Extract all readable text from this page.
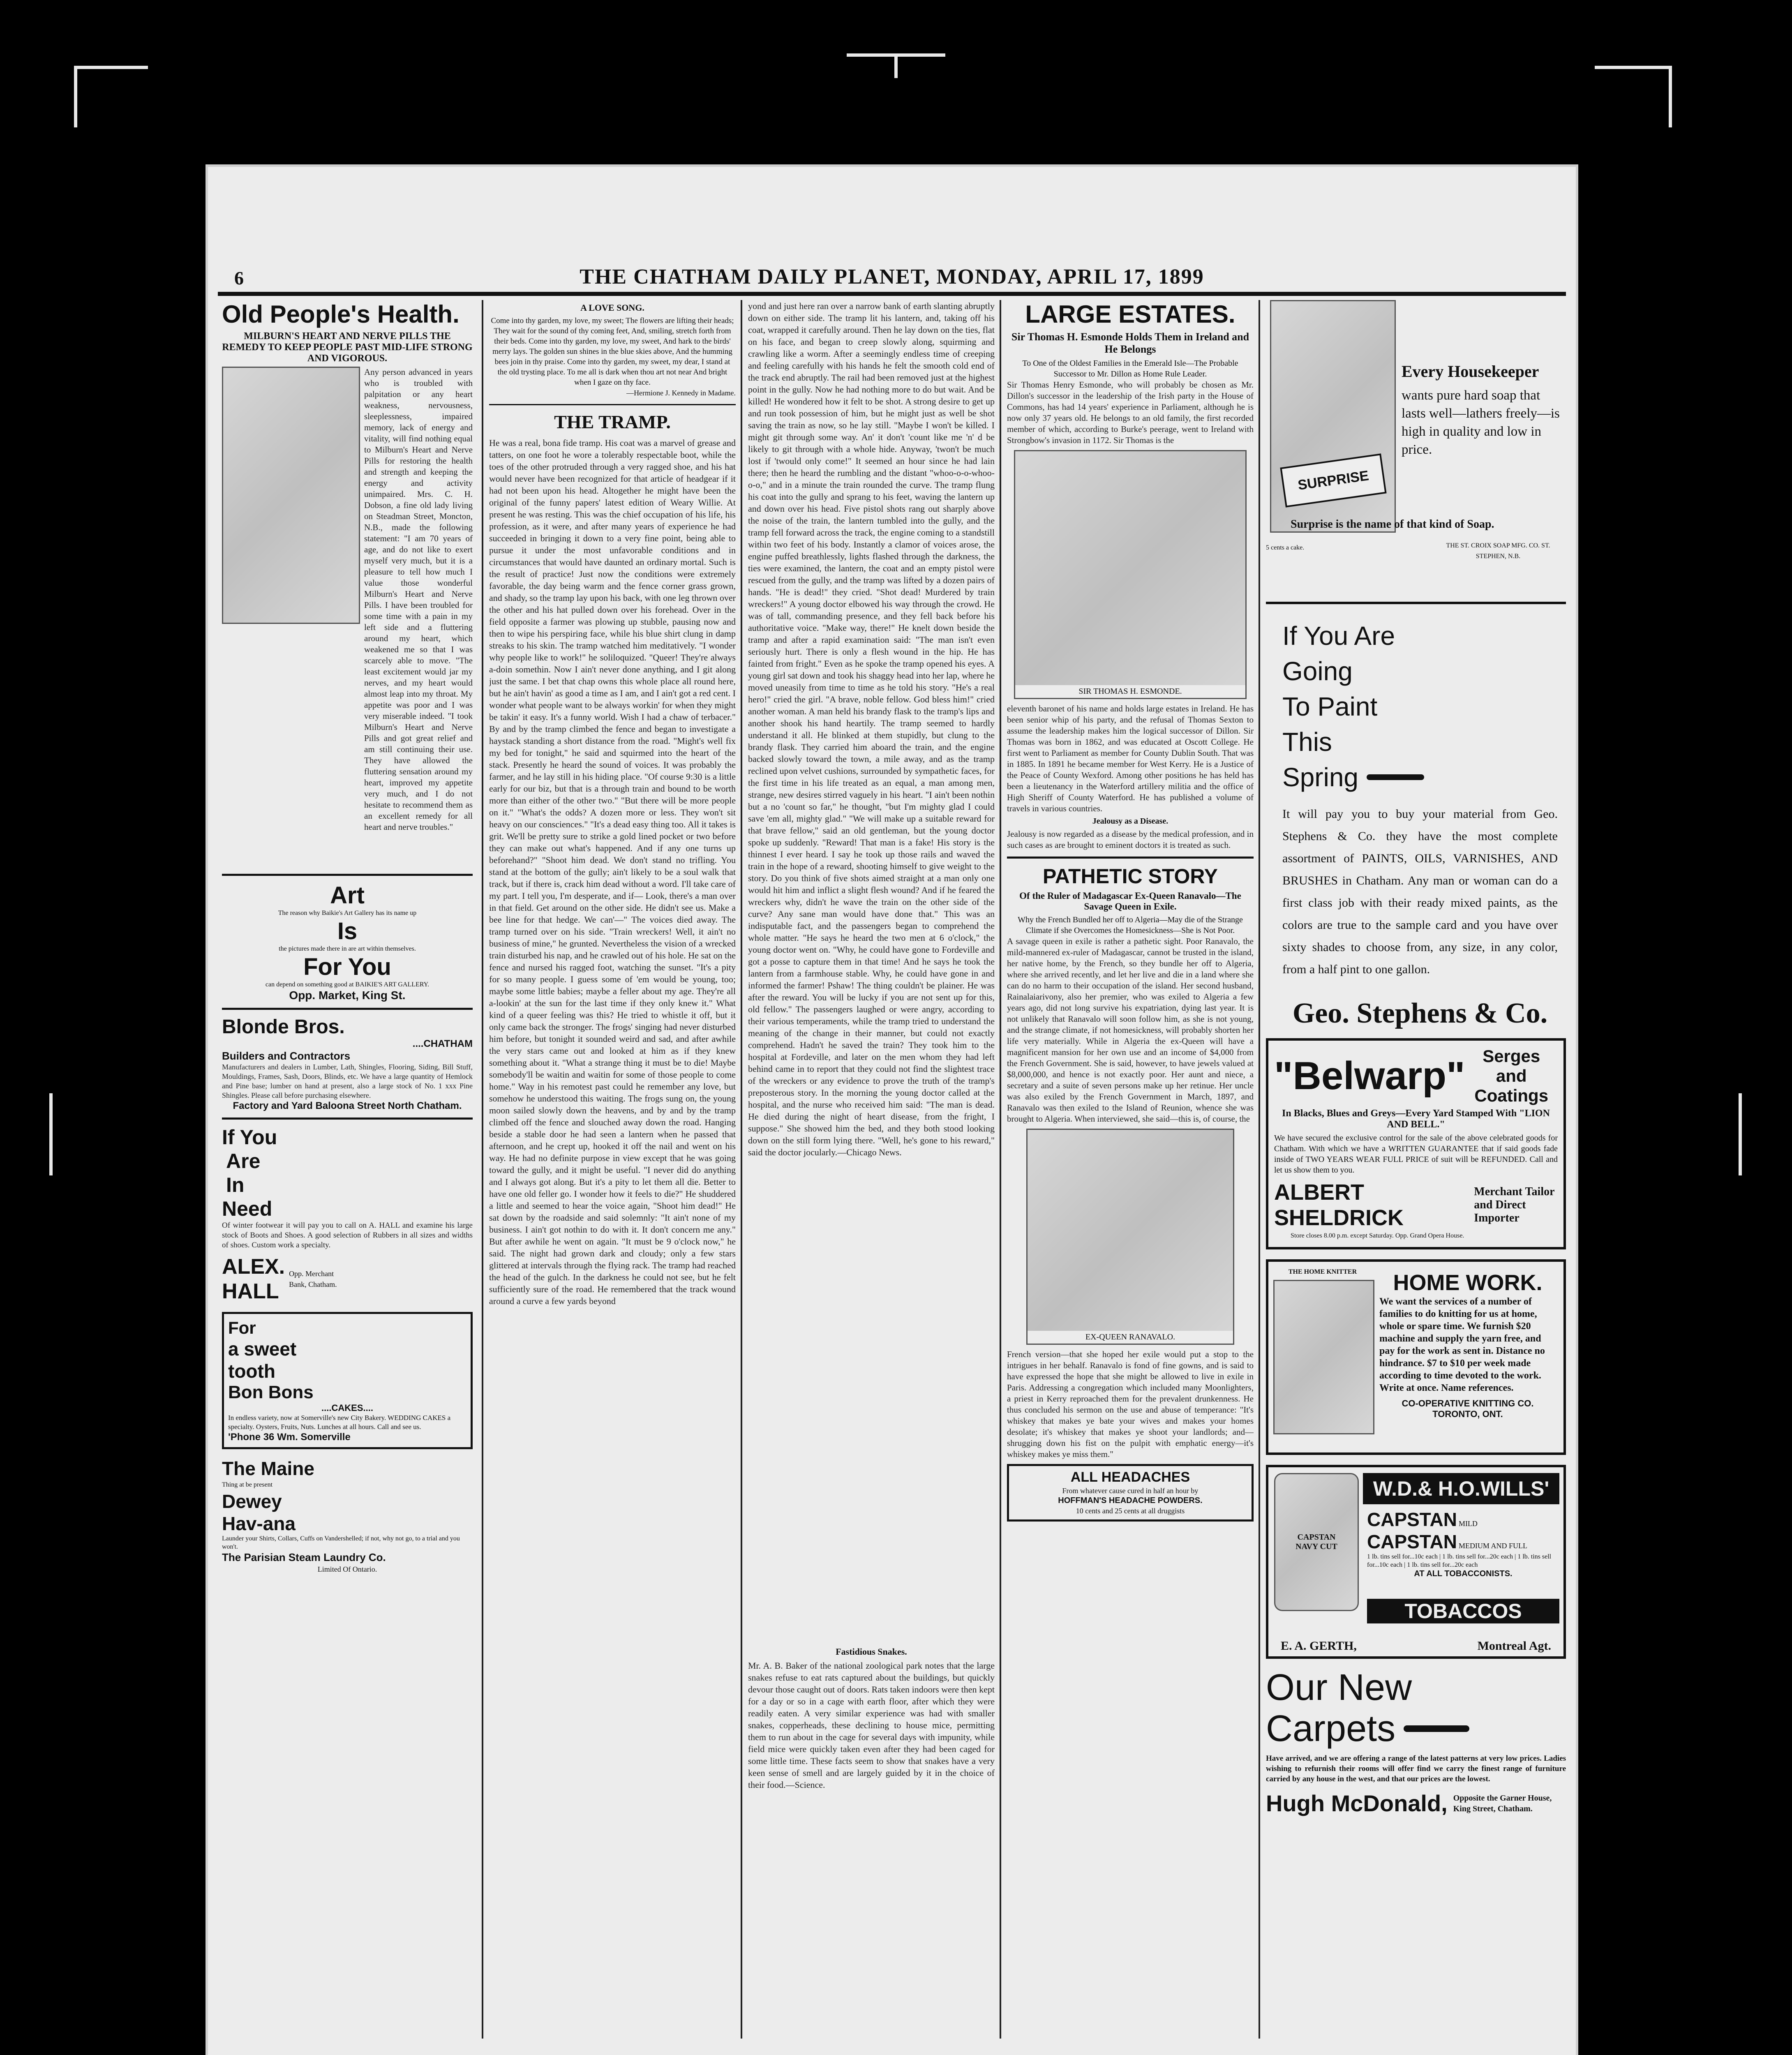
6	THE CHATHAM DAILY PLANET, MONDAY, APRIL 17, 1899
Old People's Health.
MILBURN'S HEART AND NERVE PILLS THE REMEDY TO KEEP PEOPLE PAST MID-LIFE STRONG AND VIGOROUS.
Any person advanced in years who is troubled with palpitation or any heart weakness, nervousness, sleeplessness, impaired memory, lack of energy and vitality, will find nothing equal to Milburn's Heart and Nerve Pills for restoring the health and strength and keeping the energy and activity unimpaired. Mrs. C. H. Dobson, a fine old lady living on Steadman Street, Moncton, N.B., made the following statement: "I am 70 years of age, and do not like to exert myself very much, but it is a pleasure to tell how much I value those wonderful Milburn's Heart and Nerve Pills. I have been troubled for some time with a pain in my left side and a fluttering around my heart, which weakened me so that I was scarcely able to move. "The least excitement would jar my nerves, and my heart would almost leap into my throat. My appetite was poor and I was very miserable indeed. "I took Milburn's Heart and Nerve Pills and got great relief and am still continuing their use. They have allowed the fluttering sensation around my heart, improved my appetite very much, and I do not hesitate to recommend them as an excellent remedy for all heart and nerve troubles."
Art
The reason why Baikie's Art Gallery has its name up
Is
the pictures made there in are art within themselves.
For You
can depend on something good at BAIKIE'S ART GALLERY.
Opp. Market, King St.
Blonde Bros.
....CHATHAM
Builders and Contractors
Manufacturers and dealers in Lumber, Lath, Shingles, Flooring, Siding, Bill Stuff, Mouldings, Frames, Sash, Doors, Blinds, etc. We have a large quantity of Hemlock and Pine base; lumber on hand at present, also a large stock of No. 1 xxx Pine Shingles. Please call before purchasing elsewhere.
Factory and Yard Baloona Street North Chatham.
If You
Are
In
Need
Of winter footwear it will pay you to call on A. HALL and examine his large stock of Boots and Shoes. A good selection of Rubbers in all sizes and widths of shoes. Custom work a specialty.
ALEX.
HALL
Opp. Merchant Bank, Chatham.
For
a sweet
tooth
Bon Bons
....CAKES....
In endless variety, now at Somerville's new City Bakery. WEDDING CAKES a specialty. Oysters, Fruits, Nuts. Lunches at all hours. Call and see us.
'Phone 36 Wm. Somerville
The Maine
Thing at be present
Dewey
Hav-ana
Launder your Shirts, Collars, Cuffs on Vandershelled; if not, why not go, to a trial and you won't.
The Parisian Steam Laundry Co.
Limited Of Ontario.
A LOVE SONG.
Come into thy garden, my love, my sweet; The flowers are lifting their heads; They wait for the sound of thy coming feet, And, smiling, stretch forth from their beds. Come into thy garden, my love, my sweet, And hark to the birds' merry lays. The golden sun shines in the blue skies above, And the humming bees join in thy praise. Come into thy garden, my sweet, my dear, I stand at the old trysting place. To me all is dark when thou art not near And bright when I gaze on thy face.
—Hermione J. Kennedy in Madame.
THE TRAMP.
He was a real, bona fide tramp. His coat was a marvel of grease and tatters, on one foot he wore a tolerably respectable boot, while the toes of the other protruded through a very ragged shoe, and his hat would never have been recognized for that article of headgear if it had not been upon his head. Altogether he might have been the original of the funny papers' latest edition of Weary Willie. At present he was resting. This was the chief occupation of his life, his profession, as it were, and after many years of experience he had succeeded in bringing it down to a very fine point, being able to pursue it under the most unfavorable conditions and in circumstances that would have daunted an ordinary mortal. Such is the result of practice! Just now the conditions were extremely favorable, the day being warm and the fence corner grass grown, and shady, so the tramp lay upon his back, with one leg thrown over the other and his hat pulled down over his forehead. Over in the field opposite a farmer was plowing up stubble, pausing now and then to wipe his perspiring face, while his blue shirt clung in damp streaks to his skin. The tramp watched him meditatively. "I wonder why people like to work!" he soliloquized. "Queer! They're always a-doin somethin. Now I ain't never done anything, and I git along just the same. I bet that chap owns this whole place all round here, but he ain't havin' as good a time as I am, and I ain't got a red cent. I wonder what people want to be always workin' for when they might be takin' it easy. It's a funny world. Wish I had a chaw of terbacer." By and by the tramp climbed the fence and began to investigate a haystack standing a short distance from the road. "Might's well fix my bed for tonight," he said and squirmed into the heart of the stack. Presently he heard the sound of voices. It was probably the farmer, and he lay still in his hiding place. "Of course 9:30 is a little early for our biz, but that is a through train and bound to be worth more than either of the other two." "But there will be more people on it." "What's the odds? A dozen more or less. They won't sit heavy on our consciences." "It's a dead easy thing too. All it takes is grit. We'll be pretty sure to strike a gold lined pocket or two before they can make out what's happened. And if any one turns up beforehand?" "Shoot him dead. We don't stand no trifling. You stand at the bottom of the gully; ain't likely to be a soul walk that track, but if there is, crack him dead without a word. I'll take care of my part. I tell you, I'm desperate, and if— Look, there's a man over in that field. Get around on the other side. He didn't see us. Make a bee line for that hedge. We can'—" The voices died away. The tramp turned over on his side. "Train wreckers! Well, it ain't no business of mine," he grunted. Nevertheless the vision of a wrecked train disturbed his nap, and he crawled out of his hole. He sat on the fence and nursed his ragged foot, watching the sunset. "It's a pity for so many people. I guess some of 'em would be young, too; maybe some little babies; maybe a feller about my age. They're all a-lookin' at the sun for the last time if they only knew it." What kind of a queer feeling was this? He tried to whistle it off, but it only came back the stronger. The frogs' singing had never disturbed him before, but tonight it sounded weird and sad, and after awhile the very stars came out and looked at him as if they knew something about it. "What a strange thing it must be to die! Maybe somebody'll be waitin and waitin for some of those people to come home." Way in his remotest past could he remember any love, but somehow he understood this waiting. The frogs sung on, the young moon sailed slowly down the heavens, and by and by the tramp climbed off the fence and slouched away down the road. Hanging beside a stable door he had seen a lantern when he passed that afternoon, and he crept up, hooked it off the nail and went on his way. He had no definite purpose in view except that he was going toward the gully, and it might be useful. "I never did do anything and I always got along. But it's a pity to let them all die. Better to have one old feller go. I wonder how it feels to die?" He shuddered a little and seemed to hear the voice again, "Shoot him dead!" He sat down by the roadside and said solemnly: "It ain't none of my business. I ain't got nothin to do with it. It don't concern me any." But after awhile he went on again. "It must be 9 o'clock now," he said. The night had grown dark and cloudy; only a few stars glittered at intervals through the flying rack. The tramp had reached the head of the gulch. In the darkness he could not see, but he felt sufficiently sure of the road. He remembered that the track wound around a curve a few yards beyond
yond and just here ran over a narrow bank of earth slanting abruptly down on either side. The tramp lit his lantern, and, taking off his coat, wrapped it carefully around. Then he lay down on the ties, flat on his face, and began to creep slowly along, squirming and crawling like a worm. After a seemingly endless time of creeping and feeling carefully with his hands he felt the smooth cold end of the track end abruptly. The rail had been removed just at the highest point in the gully. Now he had nothing more to do but wait. And be killed! He wondered how it felt to be shot. A strong desire to get up and run took possession of him, but he might just as well be shot saving the train as now, so he lay still. "Maybe I won't be killed. I might git through some way. An' it don't 'count like me 'n' d be likely to git through with a whole hide. Anyway, 'twon't be much lost if 'twould only come!" It seemed an hour since he had lain there; then he heard the rumbling and the distant "whoo-o-o-whoo-o-o," and in a minute the train rounded the curve. The tramp flung his coat into the gully and sprang to his feet, waving the lantern up and down over his head. Five pistol shots rang out sharply above the noise of the train, the lantern tumbled into the gully, and the tramp fell forward across the track, the engine coming to a standstill within two feet of his body. Instantly a clamor of voices arose, the engine puffed breathlessly, lights flashed through the darkness, the ties were examined, the lantern, the coat and an empty pistol were rescued from the gully, and the tramp was lifted by a dozen pairs of hands. "He is dead!" they cried. "Shot dead! Murdered by train wreckers!" A young doctor elbowed his way through the crowd. He was of tall, commanding presence, and they fell back before his authoritative voice. "Make way, there!" He knelt down beside the tramp and after a rapid examination said: "The man isn't even seriously hurt. There is only a flesh wound in the hip. He has fainted from fright." Even as he spoke the tramp opened his eyes. A young girl sat down and took his shaggy head into her lap, where he moved uneasily from time to time as he told his story. "He's a real hero!" cried the girl. "A brave, noble fellow. God bless him!" cried another woman. A man held his brandy flask to the tramp's lips and another shook his hand heartily. The tramp seemed to hardly understand it all. He blinked at them stupidly, but clung to the brandy flask. They carried him aboard the train, and the engine backed slowly toward the town, a mile away, and as the tramp reclined upon velvet cushions, surrounded by sympathetic faces, for the first time in his life treated as an equal, a man among men, strange, new desires stirred vaguely in his heart. "I ain't been nothin but a no 'count so far," he thought, "but I'm mighty glad I could save 'em all, mighty glad." "We will make up a suitable reward for that brave fellow," said an old gentleman, but the young doctor spoke up suddenly. "Reward! That man is a fake! His story is the thinnest I ever heard. I say he took up those rails and waved the train in the hope of a reward, shooting himself to give weight to the story. Do you think of five shots aimed straight at a man only one would hit him and inflict a slight flesh wound? And if he feared the wreckers why, didn't he wave the train on the other side of the curve? Any sane man would have done that." This was an indisputable fact, and the passengers began to comprehend the whole matter. "He says he heard the two men at 6 o'clock," the young doctor went on. "Why, he could have gone to Fordeville and got a posse to capture them in that time! And he says he took the lantern from a farmhouse stable. Why, he could have gone in and informed the farmer! Pshaw! The thing couldn't be plainer. He was after the reward. You will be lucky if you are not sent up for this, old fellow." The passengers laughed or were angry, according to their various temperaments, while the tramp tried to understand the meaning of the change in their manner, but could not exactly comprehend. Hadn't he saved the train? They took him to the hospital at Fordeville, and later on the men whom they had left behind came in to report that they could not find the slightest trace of the wreckers or any evidence to prove the truth of the tramp's preposterous story. In the morning the young doctor called at the hospital, and the nurse who received him said: "The man is dead. He died during the night of heart disease, from the fright, I suppose." She showed him the bed, and they both stood looking down on the still form lying there. "Well, he's gone to his reward," said the doctor jocularly.—Chicago News.
Fastidious Snakes.
Mr. A. B. Baker of the national zoological park notes that the large snakes refuse to eat rats captured about the buildings, but quickly devour those caught out of doors. Rats taken indoors were then kept for a day or so in a cage with earth floor, after which they were readily eaten. A very similar experience was had with smaller snakes, copperheads, these declining to house mice, permitting them to run about in the cage for several days with impunity, while field mice were quickly taken even after they had been caged for some little time. These facts seem to show that snakes have a very keen sense of smell and are largely guided by it in the choice of their food.—Science.
LARGE ESTATES.
Sir Thomas H. Esmonde Holds Them in Ireland and He Belongs
To One of the Oldest Families in the Emerald Isle—The Probable Successor to Mr. Dillon as Home Rule Leader.
Sir Thomas Henry Esmonde, who will probably be chosen as Mr. Dillon's successor in the leadership of the Irish party in the House of Commons, has had 14 years' experience in Parliament, although he is now only 37 years old. He belongs to an old family, the first recorded member of which, according to Burke's peerage, went to Ireland with Strongbow's invasion in 1172. Sir Thomas is the
SIR THOMAS H. ESMONDE.
eleventh baronet of his name and holds large estates in Ireland. He has been senior whip of his party, and the refusal of Thomas Sexton to assume the leadership makes him the logical successor of Dillon. Sir Thomas was born in 1862, and was educated at Oscott College. He first went to Parliament as member for County Dublin South. That was in 1885. In 1891 he became member for West Kerry. He is a Justice of the Peace of County Wexford. Among other positions he has held has been a lieutenancy in the Waterford artillery militia and the office of High Sheriff of County Waterford. He has published a volume of travels in various countries.
Jealousy as a Disease.
Jealousy is now regarded as a disease by the medical profession, and in such cases as are brought to eminent doctors it is treated as such.
PATHETIC STORY
Of the Ruler of Madagascar Ex-Queen Ranavalo—The Savage Queen in Exile.
Why the French Bundled her off to Algeria—May die of the Strange Climate if she Overcomes the Homesickness—She is Not Poor.
A savage queen in exile is rather a pathetic sight. Poor Ranavalo, the mild-mannered ex-ruler of Madagascar, cannot be trusted in the island, her native home, by the French, so they bundle her off to Algeria, where she arrived recently, and let her live and die in a land where she can do no harm to their occupation of the island. Her second husband, Rainalaiarivony, also her premier, who was exiled to Algeria a few years ago, did not long survive his expatriation, dying last year. It is not unlikely that Ranavalo will soon follow him, as she is not young, and the strange climate, if not homesickness, will probably shorten her life very materially. While in Algeria the ex-Queen will have a magnificent mansion for her own use and an income of $4,000 from the French Government. She is said, however, to have jewels valued at $8,000,000, and hence is not exactly poor. Her aunt and niece, a secretary and a suite of seven persons make up her retinue. Her uncle was also exiled by the French Government in March, 1897, and Ranavalo was then exiled to the Island of Reunion, whence she was brought to Algeria. When interviewed, she said—this is, of course, the
EX-QUEEN RANAVALO.
French version—that she hoped her exile would put a stop to the intrigues in her behalf. Ranavalo is fond of fine gowns, and is said to have expressed the hope that she might be allowed to live in exile in Paris. Addressing a congregation which included many Moonlighters, a priest in Kerry reproached them for the prevalent drunkenness. He thus concluded his sermon on the use and abuse of temperance: "It's whiskey that makes ye bate your wives and makes your homes desolate; it's whiskey that makes ye shoot your landlords; and—shrugging down his fist on the pulpit with emphatic energy—it's whiskey makes ye miss them."
ALL HEADACHES
From whatever cause cured in half an hour by
HOFFMAN'S HEADACHE POWDERS.
10 cents and 25 cents at all druggists
SURPRISE
Every Housekeeper
wants pure hard soap that lasts well—lathers freely—is high in quality and low in price.
Surprise is the name of that kind of Soap.
5 cents a cake.	THE ST. CROIX SOAP MFG. CO. ST. STEPHEN, N.B.
If You Are
Going
To Paint
This
Spring
It will pay you to buy your material from Geo. Stephens & Co. they have the most complete assortment of PAINTS, OILS, VARNISHES, AND BRUSHES in Chatham. Any man or woman can do a first class job with their ready mixed paints, as the colors are true to the sample card and you have over sixty shades to choose from, any size, in any color, from a half pint to one gallon.
Geo. Stephens & Co.
"Belwarp"	Serges and Coatings
In Blacks, Blues and Greys—Every Yard Stamped With "LION AND BELL."
We have secured the exclusive control for the sale of the above celebrated goods for Chatham. With which we have a WRITTEN GUARANTEE that if said goods fade inside of TWO YEARS WEAR FULL PRICE of suit will be REFUNDED. Call and let us show them to you.
ALBERT SHELDRICK
Merchant Tailor and Direct Importer
Store closes 8.00 p.m. except Saturday. Opp. Grand Opera House.
THE HOME KNITTER	HOME WORK.
We want the services of a number of families to do knitting for us at home, whole or spare time. We furnish $20 machine and supply the yarn free, and pay for the work as sent in. Distance no hindrance. $7 to $10 per week made according to time devoted to the work. Write at once. Name references.
CO-OPERATIVE KNITTING CO. TORONTO, ONT.
W.D.& H.O.WILLS'
CAPSTAN NAVY CUT
CAPSTAN MILD
CAPSTAN MEDIUM AND FULL
1 lb. tins sell for...10c each | 1 lb. tins sell for...20c each | 1 lb. tins sell for...10c each | 1 lb. tins sell for...20c each
AT ALL TOBACCONISTS.
TOBACCOS
E. A. GERTH,	Montreal Agt.
Our New
Carpets
Have arrived, and we are offering a range of the latest patterns at very low prices. Ladies wishing to refurnish their rooms will offer find we carry the finest range of furniture carried by any house in the west, and that our prices are the lowest.
Hugh McDonald, Opposite the Garner House, King Street, Chatham.
